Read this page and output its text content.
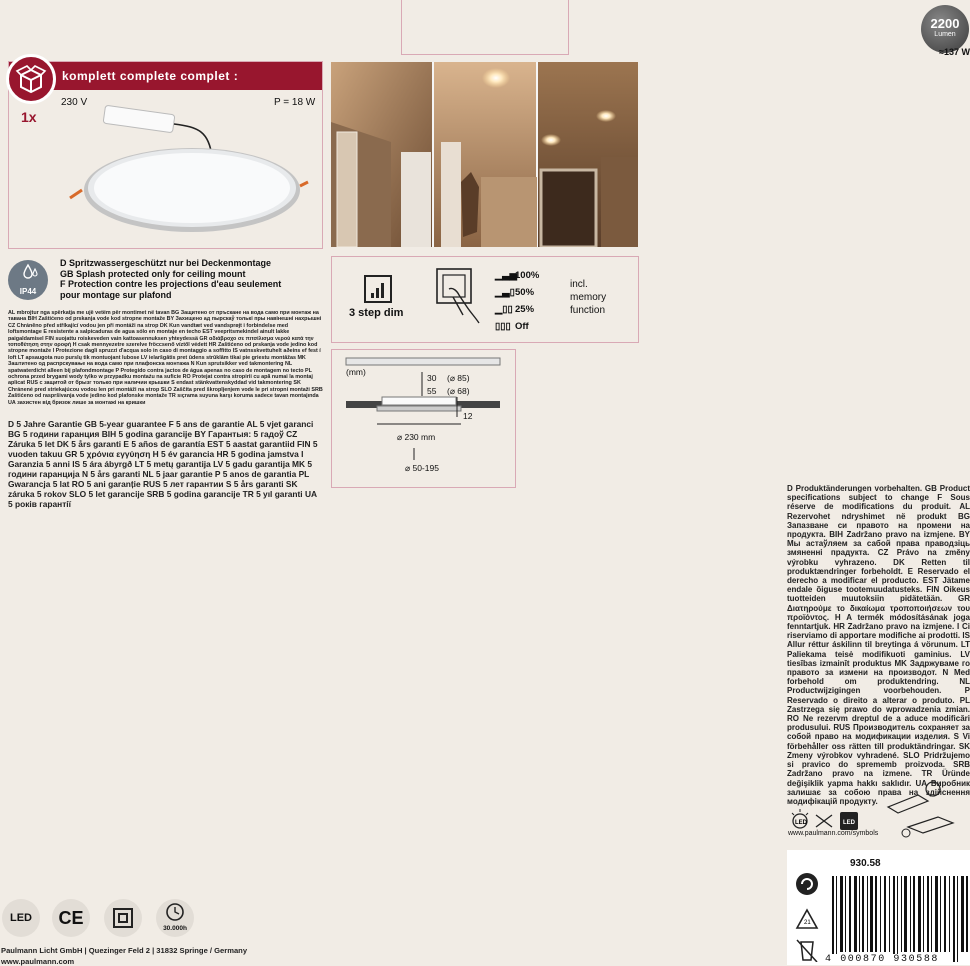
2200
Lumen
≈137 W
komplett complete complet :
1x
230 V	P = 18 W
IP44
D Spritzwassergeschützt nur bei Deckenmontage
GB Splash protected only for ceiling mount
F Protection contre les projections d'eau seulement
pour montage sur plafond
AL mbrojtur nga spërkatja me ujë vetëm për montimet në tavan BG Защитено от пръскане на вода само при монтаж на тавана BIH Zaštićeno od prskanja vode kod stropne montaže BY Захищено ад пырскаў толькі пры навінешні нахрышні CZ Chráněno před stříkající vodou jen při montáži na strop DK Kun vandtæt ved vandsprøjt i forbindelse med loftsmontage E resistente a salpicaduras de agua sólo en montaje en techo EST veepritsmekindel ainult lakke paigaldamisel FIN suojattu roiskeveden vain kattoasennuksen yhteydessä GR αδιάβροχο σε πιτσίλισμα νερού κατά την τοποθέτηση στην οροφή H csak mennyezetre szerelve fröccsenő víztől védett HR Zaštićeno od prskanja vode jedino kod stropne montaže I Protezione dagli spruzzi d'acqua solo in caso di montaggio a soffitto IS vatnsskvettuhelt aðeins ef fest í loft LT apsaugota nuo purslų tik montuojant lubose LV ielaršgātis pret ūdens strūklām tikai pie griestu montāžas MK Заштитено од распрскување на вода само при плафонска монтажа N Kun sprutsikker ved takmontering NL spatwaterdicht alleen bij plafondmontage P Protegido contra jactos de água apenas no caso de montagem no tecto PL ochrona przed brygami wody tylko w przypadku montażu na suficie RO Protejat contra stropirii cu apă numai la montaj aplicat RUS с защитой от брызг только при наличии крышки S endast stänkvattenskyddad vid takmontering SK Chránené pred striekajúcou vodou len pri montáži na strop SLO Zaščita pred škropljenjem vode le pri stropni montaži SRB Zaštićeno od raspršivanja vode jedino kod plafonske montaže TR sıçrama suyuna karşı koruma sadece tavan montajında UA захистен від бризок лише за монтажі на кришки
D 5 Jahre Garantie GB 5-year guarantee F 5 ans de garantie AL 5 vjet garanci BG 5 години гаранция BIH 5 godina garancije BY Гарантыя: 5 гадоў CZ Záruka 5 let DK 5 års garanti E 5 años de garantía EST 5 aastat garantiid FIN 5 vuoden takuu GR 5 χρόνια εγγύηση H 5 év garancia HR 5 godina jamstva I Garanzia 5 anni IS 5 ára ábyrgð LT 5 metų garantija LV 5 gadu garantija MK 5 години гаранција N 5 års garanti NL 5 jaar garantie P 5 anos de garantia PL Gwarancja 5 lat RO 5 ani garanție RUS 5 лет гарантии S 5 års garanti SK záruka 5 rokov SLO 5 let garancije SRB 5 godina garancije TR 5 yıl garanti UA 5 років гарантії
3 step dim
▁▃▅100%
▁▃▯50%
▁▯▯ 25%
▯▯▯ Off
incl.
memory
function
(mm)
30 (⌀ 85)
55 (⌀ 68)
12
⌀ 230 mm
⌀ 50-195
D Produktänderungen vorbehalten. GB Product specifications subject to change F Sous réserve de modifications du produit. AL Rezervohet ndryshimet në produkt BG Запазване си правото на промени на продукта. BIH Zadržano pravo na izmjene. BY Мы астаўляем за сабой права праводзіць змяненні прадукта. CZ Právo na změny výrobku vyhrazeno. DK Retten til produktændringer forbeholdt. E Reservado el derecho a modificar el producto. EST Jätame endale õiguse tootemuudatusteks. FIN Oikeus tuotteiden muutoksiin pidätetään. GR Διατηρούμε το δικαίωμα τροποποιήσεων του προϊόντος. H A termék módosításának joga fenntartjuk. HR Zadržano pravo na izmjene. I Ci riserviamo di apportare modifiche ai prodotti. IS Allur réttur áskilinn til breytinga á vörunum. LT Paliekama teisė modifikuoti gaminius. LV tiesības izmainīt produktus MK Задржуваме го правото за измени на производот. N Med forbehold om produktendring. NL Productwijzigingen voorbehouden. P Reservado o direito a alterar o produto. PL Zastrzega się prawo do wprowadzenia zmian. RO Ne rezervm dreptul de a aduce modificări produsului. RUS Производитель сохраняет за собой право на модификации изделия. S Vi förbehåller oss rätten till produktändringar. SK Zmeny výrobkov vyhradené. SLO Pridržujemo si pravico do sprememb proizvoda. SRB Zadržano pravo na izmene. TR Üründe değişiklik yapma hakkı saklıdır. UA Виробник залишає за собою права на здійснення модифікацій продукту.
LED	LED
www.paulmann.com/symbols
21
4 000870 930588
930.58
LED	CE
30.000h
Paulmann Licht GmbH | Quezinger Feld 2 | 31832 Springe / Germany
www.paulmann.com
